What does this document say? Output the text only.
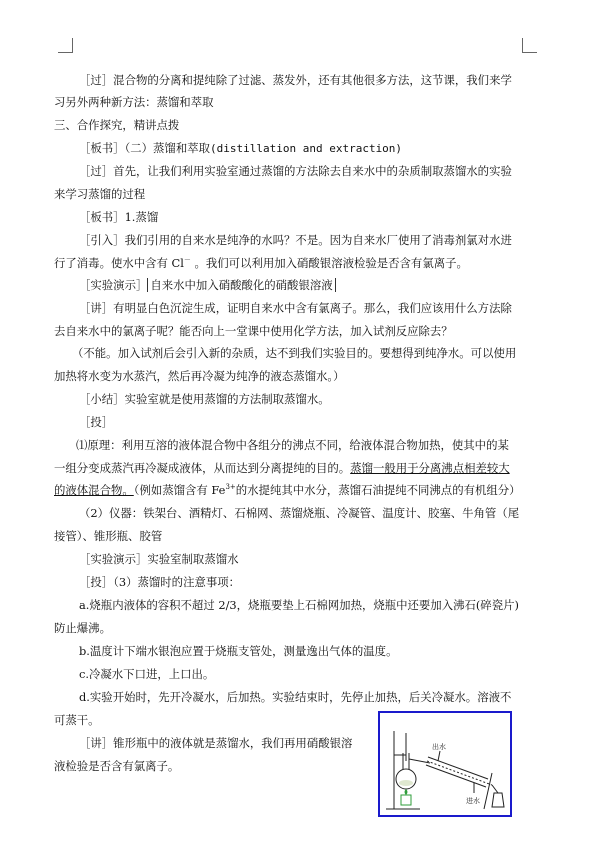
［过］混合物的分离和提纯除了过滤、蒸发外，还有其他很多方法，这节课，我们来学
习另外两种新方法：蒸馏和萃取
三、合作探究，精讲点拨
［板书］（二）蒸馏和萃取(distillation and extraction)
［过］首先，让我们利用实验室通过蒸馏的方法除去自来水中的杂质制取蒸馏水的实验
来学习蒸馏的过程
［板书］1.蒸馏
［引入］我们引用的自来水是纯净的水吗？不是。因为自来水厂使用了消毒剂氯对水进
行了消毒。使水中含有 Cl－ 。我们可以利用加入硝酸银溶液检验是否含有氯离子。
［实验演示］ 自来水中加入硝酸酸化的硝酸银溶液
［讲］有明显白色沉淀生成，证明自来水中含有氯离子。那么，我们应该用什么方法除
去自来水中的氯离子呢？能否向上一堂课中使用化学方法，加入试剂反应除去？
（不能。加入试剂后会引入新的杂质，达不到我们实验目的。要想得到纯净水。可以使用
加热将水变为水蒸汽，然后再冷凝为纯净的液态蒸馏水。）
［小结］实验室就是使用蒸馏的方法制取蒸馏水。
［投］
⑴原理：利用互溶的液体混合物中各组分的沸点不同，给液体混合物加热，使其中的某
一组分变成蒸汽再冷凝成液体，从而达到分离提纯的目的。蒸馏一般用于分离沸点相差较大
的液体混合物。（例如蒸馏含有 $Fe^{3+}$的水提纯其中水分，蒸馏石油提纯不同沸点的有机组分）
（2）仪器：铁架台、酒精灯、石棉网、蒸馏烧瓶、冷凝管、温度计、胶塞、牛角管（尾
接管）、锥形瓶、胶管
［实验演示］实验室制取蒸馏水
［投］（3）蒸馏时的注意事项：
a.烧瓶内液体的容积不超过 2/3，烧瓶要垫上石棉网加热，烧瓶中还要加入沸石(碎瓷片)
防止爆沸。
b.温度计下端水银泡应置于烧瓶支管处，测量逸出气体的温度。
c.冷凝水下口进，上口出。
d.实验开始时，先开冷凝水，后加热。实验结束时，先停止加热，后关冷凝水。溶液不
可蒸干。
［讲］锥形瓶中的液体就是蒸馏水，我们再用硝酸银溶
液检验是否含有氯离子。
出水
进水
